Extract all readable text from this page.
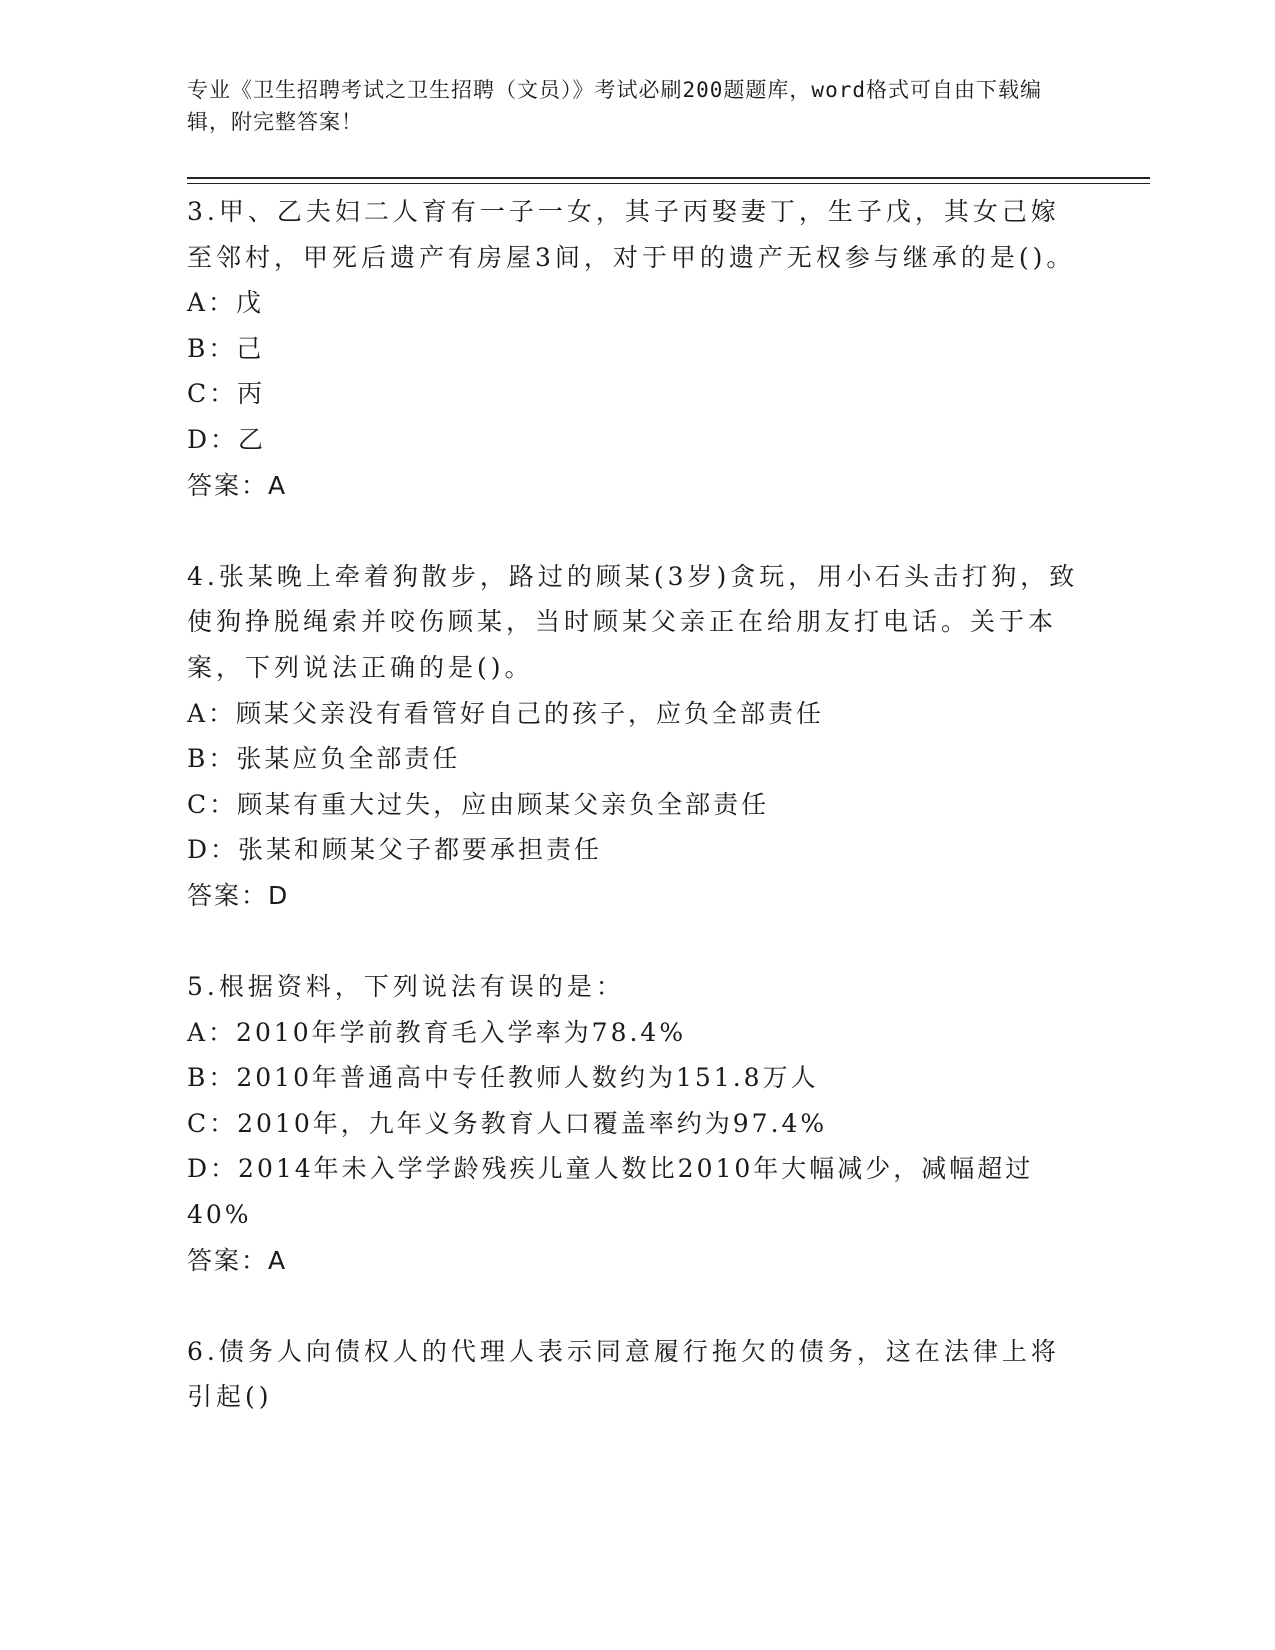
专业《卫生招聘考试之卫生招聘（文员）》考试必刷200题题库，word格式可自由下载编辑，附完整答案！

3.甲、乙夫妇二人育有一子一女，其子丙娶妻丁，生子戊，其女己嫁至邻村，甲死后遗产有房屋3间，对于甲的遗产无权参与继承的是()。

A：戊

B：己

C：丙

D：乙

答案：A

4.张某晚上牵着狗散步，路过的顾某(3岁)贪玩，用小石头击打狗，致使狗挣脱绳索并咬伤顾某，当时顾某父亲正在给朋友打电话。关于本案，下列说法正确的是()。

A：顾某父亲没有看管好自己的孩子，应负全部责任

B：张某应负全部责任

C：顾某有重大过失，应由顾某父亲负全部责任

D：张某和顾某父子都要承担责任

答案：D

5.根据资料，下列说法有误的是：

A：2010年学前教育毛入学率为78.4%

B：2010年普通高中专任教师人数约为151.8万人

C：2010年，九年义务教育人口覆盖率约为97.4%

D：2014年未入学学龄残疾儿童人数比2010年大幅减少，减幅超过40%

答案：A

6.债务人向债权人的代理人表示同意履行拖欠的债务，这在法律上将引起()
